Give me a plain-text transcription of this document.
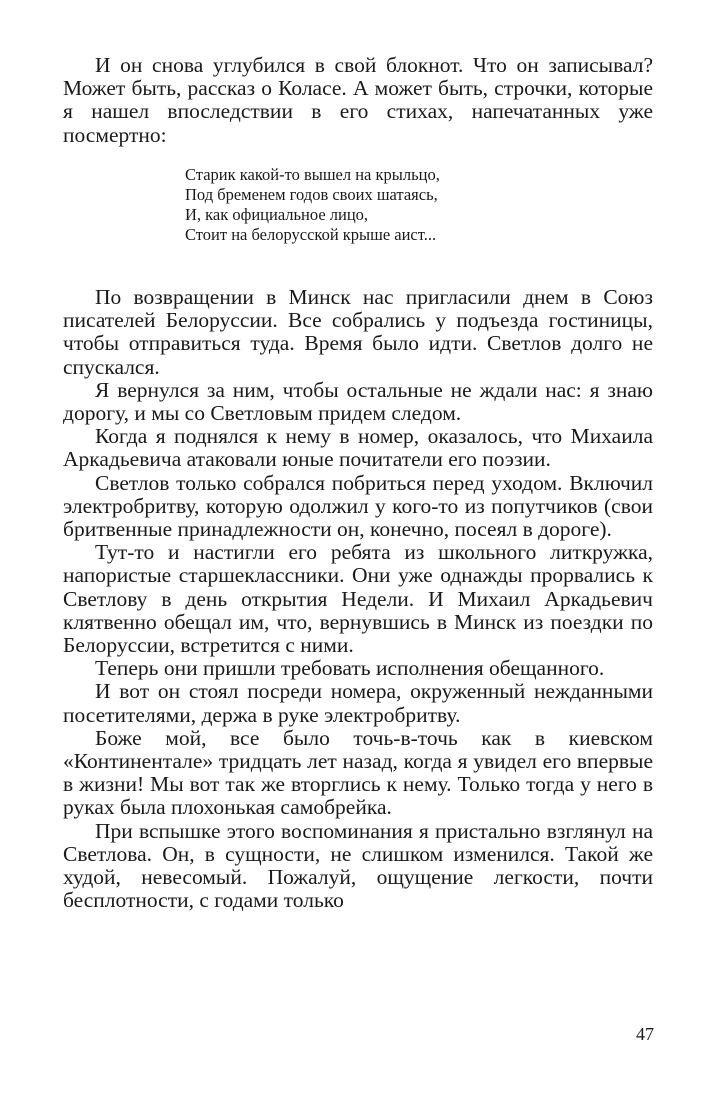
И он снова углубился в свой блокнот. Что он записывал? Может быть, рассказ о Коласе. А может быть, строчки, которые я нашел впоследствии в его стихах, напечатанных уже посмертно:

Старик какой-то вышел на крыльцо,
Под бременем годов своих шатаясь,
И, как официальное лицо,
Стоит на белорусской крыше аист...

По возвращении в Минск нас пригласили днем в Союз писателей Белоруссии. Все собрались у подъезда гостиницы, чтобы отправиться туда. Время было идти. Светлов долго не спускался.

Я вернулся за ним, чтобы остальные не ждали нас: я знаю дорогу, и мы со Светловым придем следом.

Когда я поднялся к нему в номер, оказалось, что Михаила Аркадьевича атаковали юные почитатели его поэзии.

Светлов только собрался побриться перед уходом. Включил электробритву, которую одолжил у кого-то из попутчиков (свои бритвенные принадлежности он, конечно, посеял в дороге).

Тут-то и настигли его ребята из школьного литкружка, напористые старшеклассники. Они уже однажды прорвались к Светлову в день открытия Недели. И Михаил Аркадьевич клятвенно обещал им, что, вернувшись в Минск из поездки по Белоруссии, встретится с ними.

Теперь они пришли требовать исполнения обещанного.

И вот он стоял посреди номера, окруженный нежданными посетителями, держа в руке электробритву.

Боже мой, все было точь-в-точь как в киевском «Континентале» тридцать лет назад, когда я увидел его впервые в жизни! Мы вот так же вторглись к нему. Только тогда у него в руках была плохонькая самобрейка.

При вспышке этого воспоминания я пристально взглянул на Светлова. Он, в сущности, не слишком изменился. Такой же худой, невесомый. Пожалуй, ощущение легкости, почти бесплотности, с годами только

47
